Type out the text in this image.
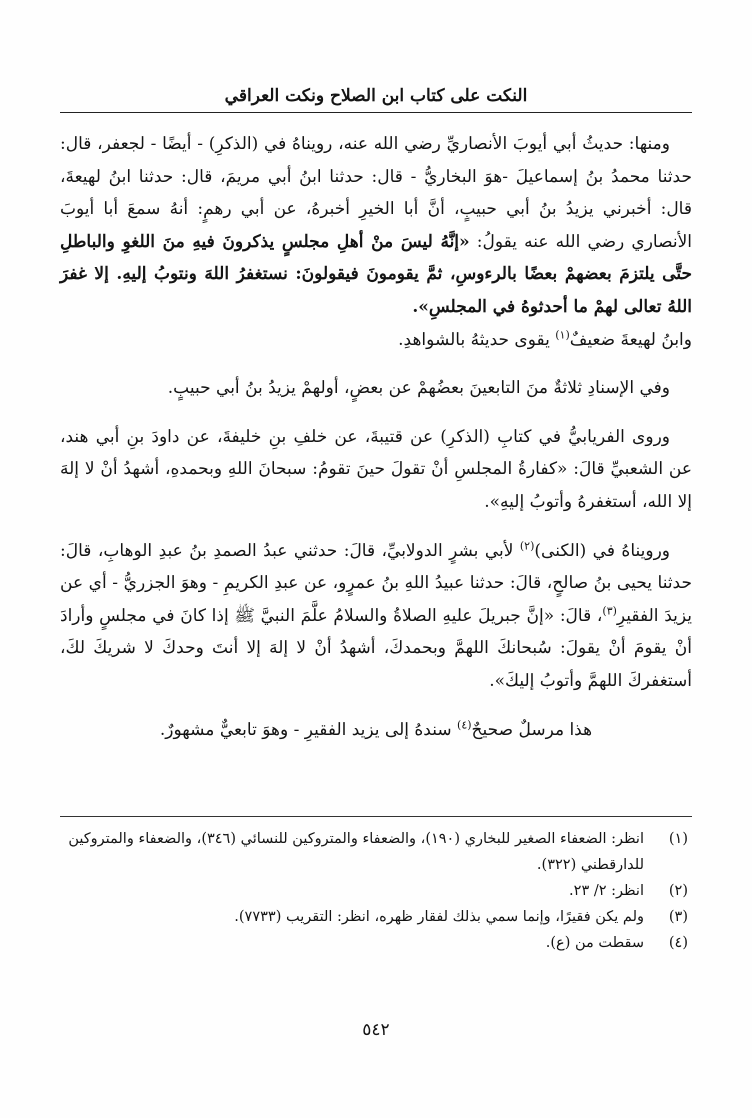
النكت على كتاب ابن الصلاح ونكت العراقي

ومنها: حديثُ أبي أيوبَ الأنصاريِّ رضي الله عنه، رويناهُ في (الذكرِ) - أيضًا - لجعفر، قال: حدثنا محمدُ بنُ إسماعيلَ -هوَ البخاريُّ - قال: حدثنا ابنُ أبي مريمَ، قال: حدثنا ابنُ لهيعةَ، قال: أخبرني يزيدُ بنُ أبي حبيبٍ، أنَّ أبا الخيرِ أخبرهُ، عن أبي رهمٍ: أنهُ سمعَ أبا أيوبَ الأنصاري رضي الله عنه يقولُ: «إنَّهُ ليسَ منْ أهلِ مجلسٍ يذكرونَ فيهِ منَ اللغوِ والباطلِ حتَّى يلتزمَ بعضهمْ بعضًا بالرءوسِ، ثمَّ يقومونَ فيقولونَ: نستغفرُ اللهَ ونتوبُ إليهِ. إلا غفرَ اللهُ تعالى لهمْ ما أحدثوهُ في المجلسِ».
وابنُ لهيعةَ ضعيفٌ$^{(١)}$ يقوى حديثهُ بالشواهدِ.

وفي الإسنادِ ثلاثةٌ منَ التابعينَ بعضُهمْ عن بعضٍ، أولهمْ يزيدُ بنُ أبي حبيبٍ.

وروى الفريابيُّ في كتابِ (الذكرِ) عن قتيبةَ، عن خلفِ بنِ خليفةَ، عن داودَ بنِ أبي هند، عن الشعبيِّ قالَ: «كفارةُ المجلسِ أنْ تقولَ حينَ تقومُ: سبحانَ اللهِ وبحمدهِ، أشهدُ أنْ لا إلهَ إلا الله، أستغفرهُ وأتوبُ إليهِ».

ورويناهُ في (الكنى)$^{(٢)}$ لأبي بشرٍ الدولابيِّ، قالَ: حدثني عبدُ الصمدِ بنُ عبدِ الوهابِ، قالَ: حدثنا يحيى بنُ صالحٍ، قالَ: حدثنا عبيدُ اللهِ بنُ عمرٍو، عن عبدِ الكريمِ - وهوَ الجزريُّ - أي عن يزيدَ الفقيرِ$^{(٣)}$، قالَ: «إنَّ جبريلَ عليهِ الصلاةُ والسلامُ علَّمَ النبيَّ ﷺ إذا كانَ في مجلسٍ وأرادَ أنْ يقومَ أنْ يقولَ: سُبحانكَ اللهمَّ وبحمدكَ، أشهدُ أنْ لا إلهَ إلا أنتَ وحدكَ لا شريكَ لكَ، أستغفركَ اللهمَّ وأتوبُ إليكَ».

هذا مرسلٌ صحيحٌ$^{(٤)}$ سندهُ إلى يزيد الفقيرِ - وهوَ تابعيٌّ مشهورٌ.

(١)
انظر: الضعفاء الصغير للبخاري (١٩٠)، والضعفاء والمتروكين للنسائي (٣٤٦)، والضعفاء والمتروكين للدارقطني (٣٢٢).
(٢)
انظر: ٢/ ٢٣.
(٣)
ولم يكن فقيرًا، وإنما سمي بذلك لفقار ظهره، انظر: التقريب (٧٧٣٣).
(٤)
سقطت من (ع).
٥٤٢
